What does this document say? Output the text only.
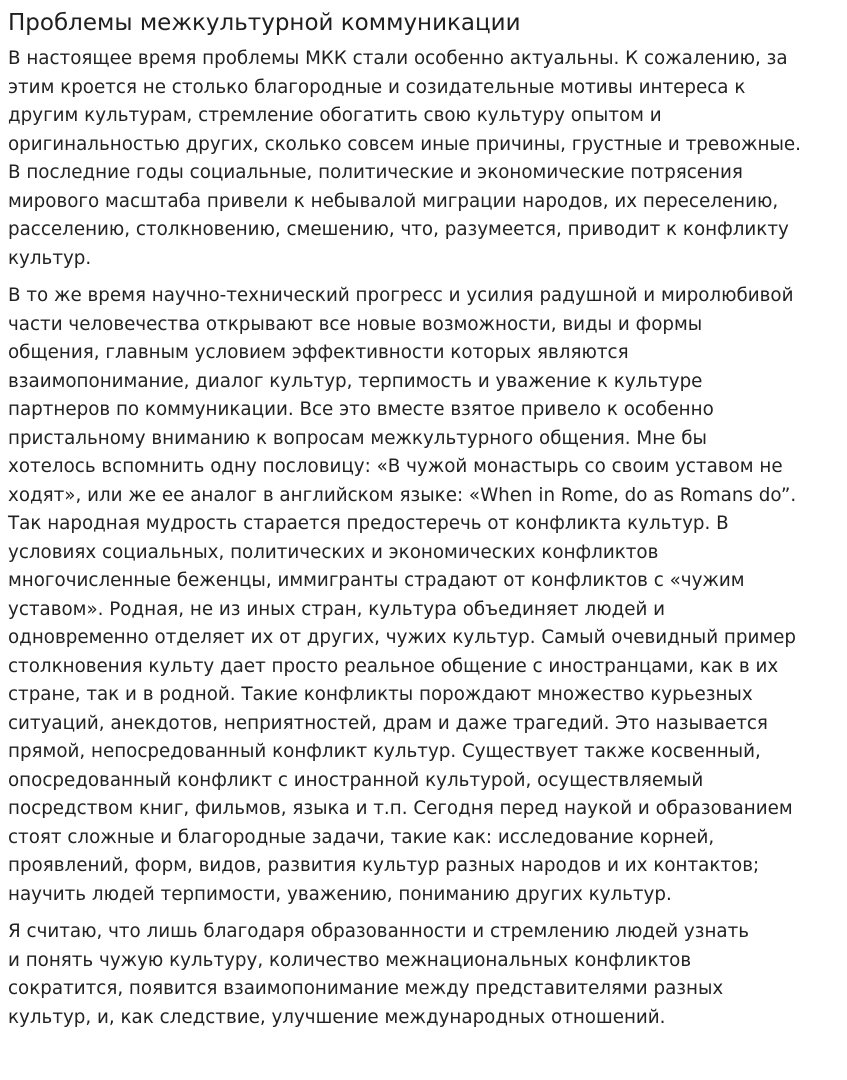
Проблемы межкультурной коммуникации

В настоящее время проблемы МКК стали особенно актуальны. К сожалению, за
этим кроется не столько благородные и созидательные мотивы интереса к
другим культурам, стремление обогатить свою культуру опытом и
оригинальностью других, сколько совсем иные причины, грустные и тревожные.
В последние годы социальные, политические и экономические потрясения
мирового масштаба привели к небывалой миграции народов, их переселению,
расселению, столкновению, смешению, что, разумеется, приводит к конфликту
культур.

В то же время научно-технический прогресс и усилия радушной и миролюбивой
части человечества открывают все новые возможности, виды и формы
общения, главным условием эффективности которых являются
взаимопонимание, диалог культур, терпимость и уважение к культуре
партнеров по коммуникации. Все это вместе взятое привело к особенно
пристальному вниманию к вопросам межкультурного общения. Мне бы
хотелось вспомнить одну пословицу: «В чужой монастырь со своим уставом не
ходят», или же ее аналог в английском языке: «When in Rome, do as Romans do”.
Так народная мудрость старается предостеречь от конфликта культур. В
условиях социальных, политических и экономических конфликтов
многочисленные беженцы, иммигранты страдают от конфликтов с «чужим
уставом». Родная, не из иных стран, культура объединяет людей и
одновременно отделяет их от других, чужих культур. Самый очевидный пример
столкновения культу дает просто реальное общение с иностранцами, как в их
стране, так и в родной. Такие конфликты порождают множество курьезных
ситуаций, анекдотов, неприятностей, драм и даже трагедий. Это называется
прямой, непосредованный конфликт культур. Существует также косвенный,
опосредованный конфликт с иностранной культурой, осуществляемый
посредством книг, фильмов, языка и т.п. Сегодня перед наукой и образованием
стоят сложные и благородные задачи, такие как: исследование корней,
проявлений, форм, видов, развития культур разных народов и их контактов;
научить людей терпимости, уважению, пониманию других культур.

Я считаю, что лишь благодаря образованности и стремлению людей узнать
и понять чужую культуру, количество межнациональных конфликтов
сократится, появится взаимопонимание между представителями разных
культур, и, как следствие, улучшение международных отношений.
